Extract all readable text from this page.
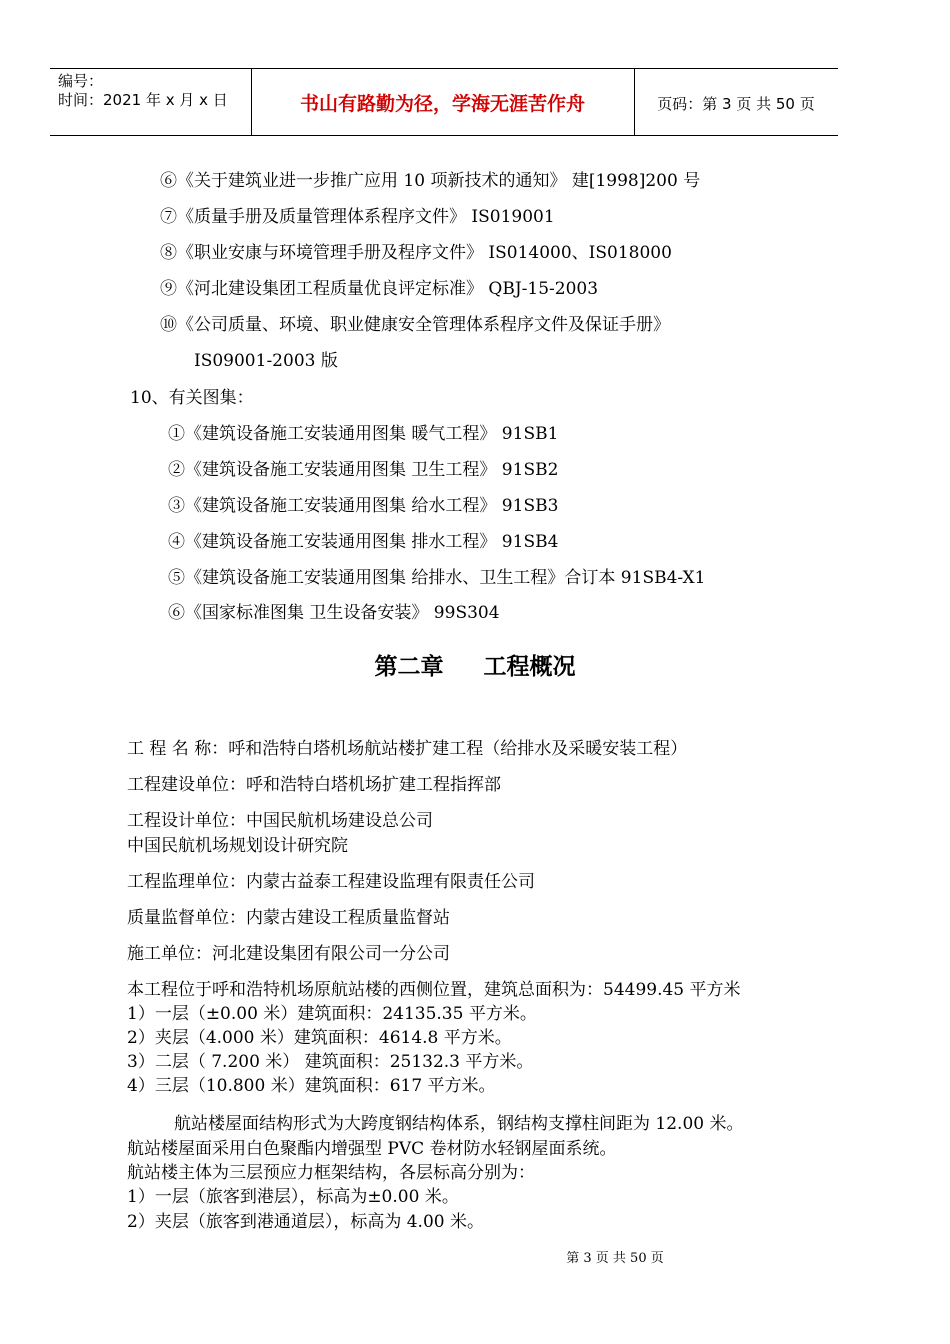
编号：
时间：2021 年 x 月 x 日	书山有路勤为径，学海无涯苦作舟	页码：第 3 页 共 50 页
⑥《关于建筑业进一步推广应用 10 项新技术的通知》 建[1998]200 号
⑦《质量手册及质量管理体系程序文件》 IS019001
⑧《职业安康与环境管理手册及程序文件》 IS014000、IS018000
⑨《河北建设集团工程质量优良评定标准》 QBJ-15-2003
⑩《公司质量、环境、职业健康安全管理体系程序文件及保证手册》
IS09001-2003 版
10、有关图集：
①《建筑设备施工安装通用图集 暖气工程》 91SB1
②《建筑设备施工安装通用图集 卫生工程》 91SB2
③《建筑设备施工安装通用图集 给水工程》 91SB3
④《建筑设备施工安装通用图集 排水工程》 91SB4
⑤《建筑设备施工安装通用图集 给排水、卫生工程》合订本 91SB4-X1
⑥《国家标准图集 卫生设备安装》 99S304
第二章     工程概况
工 程 名 称：呼和浩特白塔机场航站楼扩建工程（给排水及采暖安装工程）
工程建设单位：呼和浩特白塔机场扩建工程指挥部
工程设计单位：中国民航机场建设总公司
中国民航机场规划设计研究院
工程监理单位：内蒙古益泰工程建设监理有限责任公司
质量监督单位：内蒙古建设工程质量监督站
施工单位：河北建设集团有限公司一分公司
本工程位于呼和浩特机场原航站楼的西侧位置，建筑总面积为：54499.45 平方米
1）一层（±0.00 米）建筑面积：24135.35 平方米。
2）夹层（4.000 米）建筑面积：4614.8 平方米。
3）二层（ 7.200 米） 建筑面积：25132.3 平方米。
4）三层（10.800 米）建筑面积：617 平方米。
航站楼屋面结构形式为大跨度钢结构体系，钢结构支撑柱间距为 12.00 米。
航站楼屋面采用白色聚酯内增强型 PVC 卷材防水轻钢屋面系统。
航站楼主体为三层预应力框架结构，各层标高分别为：
1）一层（旅客到港层），标高为±0.00 米。
2）夹层（旅客到港通道层），标高为 4.00 米。
第 3 页 共 50 页
